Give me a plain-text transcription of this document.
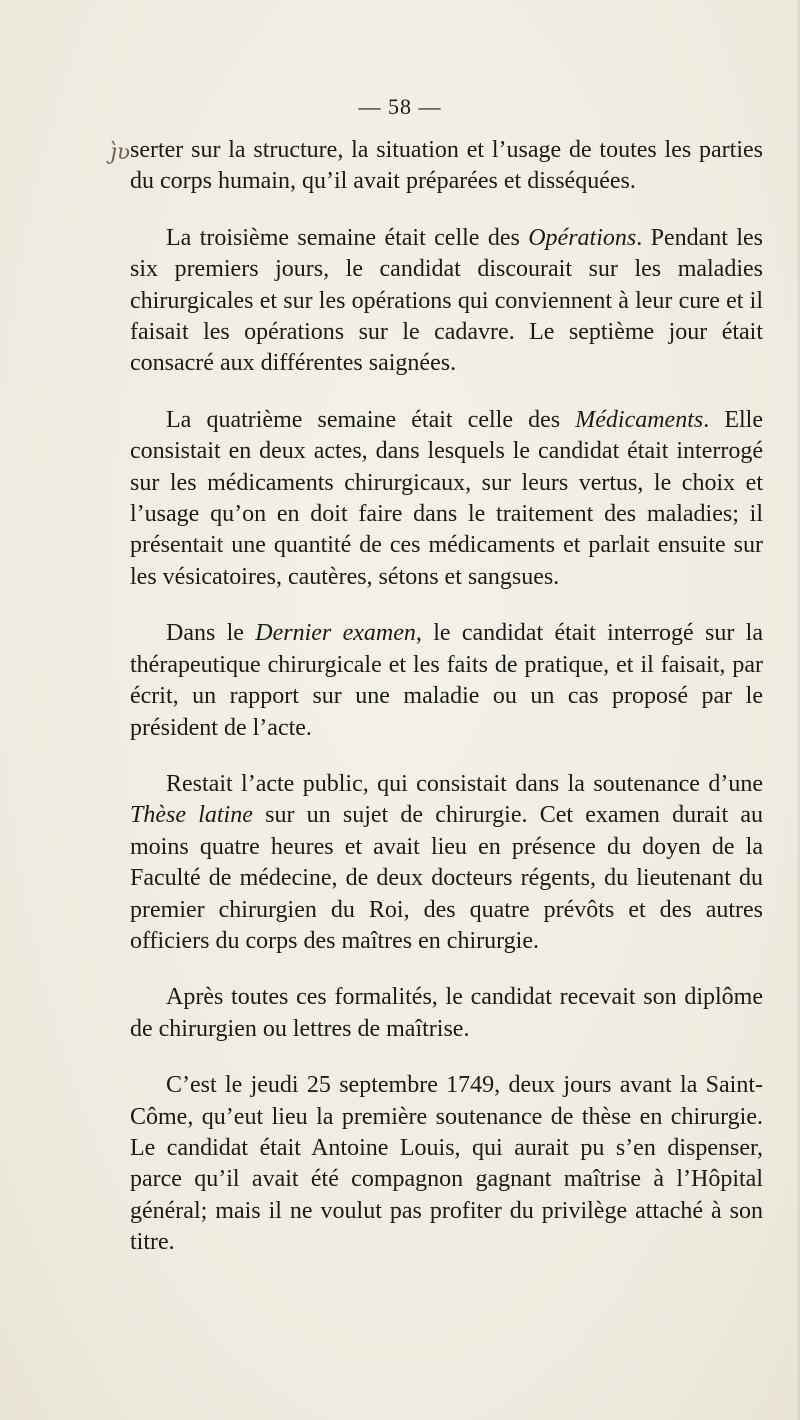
— 58 —
ȷ̀ʋ serter sur la structure, la situation et l’usage de toutes les parties du corps humain, qu’il avait préparées et disséquées.

La troisième semaine était celle des Opérations. Pendant les six premiers jours, le candidat discourait sur les maladies chirurgicales et sur les opérations qui conviennent à leur cure et il faisait les opérations sur le cadavre. Le septième jour était consacré aux différentes saignées.

La quatrième semaine était celle des Médicaments. Elle consistait en deux actes, dans lesquels le candidat était interrogé sur les médicaments chirurgicaux, sur leurs vertus, le choix et l’usage qu’on en doit faire dans le traitement des maladies; il présentait une quantité de ces médicaments et parlait ensuite sur les vésicatoires, cautères, sétons et sangsues.

Dans le Dernier examen, le candidat était interrogé sur la thérapeutique chirurgicale et les faits de pratique, et il faisait, par écrit, un rapport sur une maladie ou un cas proposé par le président de l’acte.

Restait l’acte public, qui consistait dans la soutenance d’une Thèse latine sur un sujet de chirurgie. Cet examen durait au moins quatre heures et avait lieu en présence du doyen de la Faculté de médecine, de deux docteurs régents, du lieutenant du premier chirurgien du Roi, des quatre prévôts et des autres officiers du corps des maîtres en chirurgie.

Après toutes ces formalités, le candidat recevait son diplôme de chirurgien ou lettres de maîtrise.

C’est le jeudi 25 septembre 1749, deux jours avant la Saint-Côme, qu’eut lieu la première soutenance de thèse en chirurgie. Le candidat était Antoine Louis, qui aurait pu s’en dispenser, parce qu’il avait été compagnon gagnant maîtrise à l’Hôpital général; mais il ne voulut pas profiter du privilège attaché à son titre.
